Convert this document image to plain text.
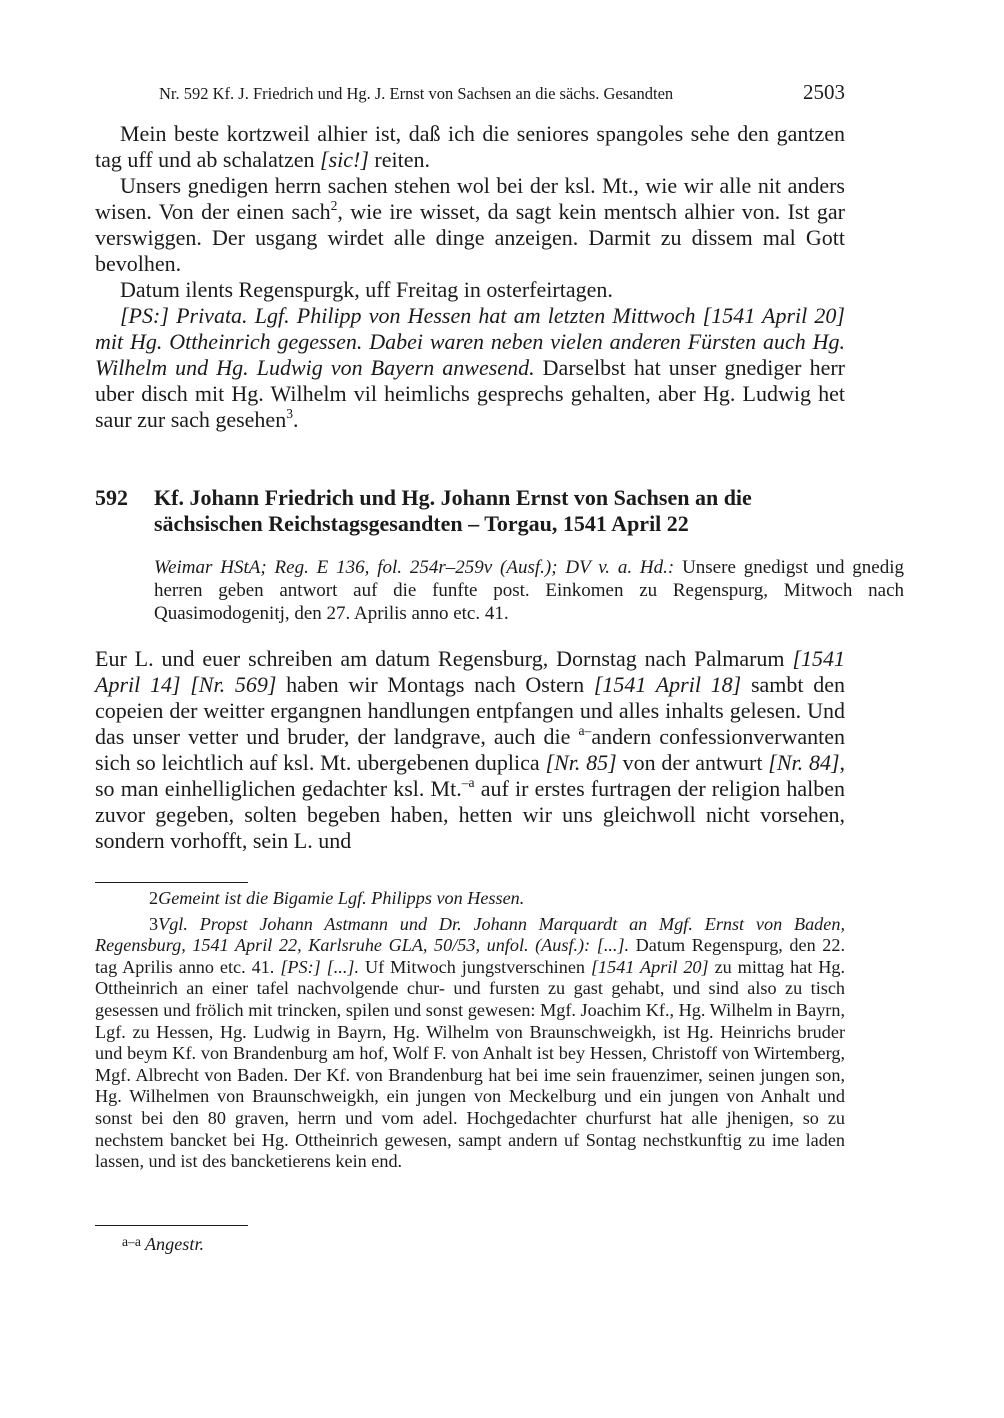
Nr. 592 Kf. J. Friedrich und Hg. J. Ernst von Sachsen an die sächs. Gesandten	2503

Mein beste kortzweil alhier ist, daß ich die seniores spangoles sehe den gantzen tag uff und ab schalatzen [sic!] reiten.

Unsers gnedigen herrn sachen stehen wol bei der ksl. Mt., wie wir alle nit anders wisen. Von der einen sach$^2$, wie ire wisset, da sagt kein mentsch alhier von. Ist gar verswiggen. Der usgang wirdet alle dinge anzeigen. Darmit zu dissem mal Gott bevolhen.

Datum ilents Regenspurgk, uff Freitag in osterfeirtagen.

[PS:] Privata. Lgf. Philipp von Hessen hat am letzten Mittwoch [1541 April 20] mit Hg. Ottheinrich gegessen. Dabei waren neben vielen anderen Fürsten auch Hg. Wilhelm und Hg. Ludwig von Bayern anwesend. Darselbst hat unser gnediger herr uber disch mit Hg. Wilhelm vil heimlichs gesprechs gehalten, aber Hg. Ludwig het saur zur sach gesehen$^3$.

592 Kf. Johann Friedrich und Hg. Johann Ernst von Sachsen an die sächsischen Reichstagsgesandten – Torgau, 1541 April 22
Weimar HStA; Reg. E 136, fol. 254r–259v (Ausf.); DV v. a. Hd.: Unsere gnedigst und gnedig herren geben antwort auf die funfte post. Einkomen zu Regenspurg, Mitwoch nach Quasimodogenitj, den 27. Aprilis anno etc. 41.

Eur L. und euer schreiben am datum Regensburg, Dornstag nach Palmarum [1541 April 14] [Nr. 569] haben wir Montags nach Ostern [1541 April 18] sambt den copeien der weitter ergangnen handlungen entpfangen und alles inhalts gelesen. Und das unser vetter und bruder, der landgrave, auch die $^{a-}$andern confessionverwanten sich so leichtlich auf ksl. Mt. ubergebenen duplica [Nr. 85] von der antwurt [Nr. 84], so man einhelliglichen gedachter ksl. Mt.$^{-a}$ auf ir erstes furtragen der religion halben zuvor gegeben, solten begeben haben, hetten wir uns gleichwoll nicht vorsehen, sondern vorhofft, sein L. und

2Gemeint ist die Bigamie Lgf. Philipps von Hessen.

3Vgl. Propst Johann Astmann und Dr. Johann Marquardt an Mgf. Ernst von Baden, Regensburg, 1541 April 22, Karlsruhe GLA, 50/53, unfol. (Ausf.): [...]. Datum Regenspurg, den 22. tag Aprilis anno etc. 41. [PS:] [...]. Uf Mitwoch jungstverschinen [1541 April 20] zu mittag hat Hg. Ottheinrich an einer tafel nachvolgende chur- und fursten zu gast gehabt, und sind also zu tisch gesessen und frölich mit trincken, spilen und sonst gewesen: Mgf. Joachim Kf., Hg. Wilhelm in Bayrn, Lgf. zu Hessen, Hg. Ludwig in Bayrn, Hg. Wilhelm von Braunschweigkh, ist Hg. Heinrichs bruder und beym Kf. von Brandenburg am hof, Wolf F. von Anhalt ist bey Hessen, Christoff von Wirtemberg, Mgf. Albrecht von Baden. Der Kf. von Brandenburg hat bei ime sein frauenzimer, seinen jungen son, Hg. Wilhelmen von Braunschweigkh, ein jungen von Meckelburg und ein jungen von Anhalt und sonst bei den 80 graven, herrn und vom adel. Hochgedachter churfurst hat alle jhenigen, so zu nechstem bancket bei Hg. Ottheinrich gewesen, sampt andern uf Sontag nechstkunftig zu ime laden lassen, und ist des bancketierens kein end.

$^{a-a}$ Angestr.
